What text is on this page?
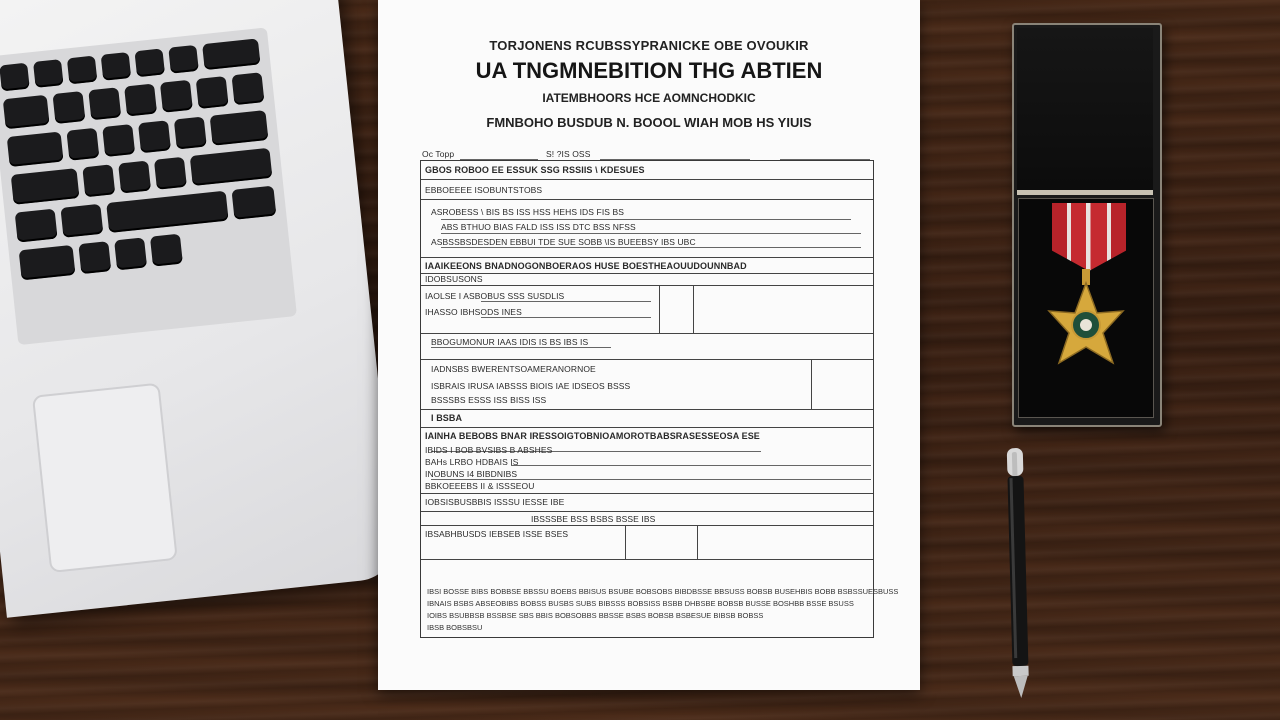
TORJONENS RCUBSSYPRANICKE OBE OVOUKIR
UA TNGMNEBITION THG ABTIEN
IATEMBHOORS HCE AOMNCHODKIC
FMNBOHO BUSDUB N. BOOOL WIAH MOB HS YIUIS
Oc Topp	S! ?IS OSS
GBOS ROBOO EE ESSUK SSG RSSIIS \ KDESUES
EBBOEEEE ISOBUNTSTOBS
ASROBESS \ BIS BS ISS HSS HEHS IDS FIS BS
ABS BTHUO BIAS FALD ISS ISS DTC BSS NFSS
ASBSSBSDESDEN EBBUI TDE SUE SOBB \IS BUEEBSY IBS UBC
IAAIKEEONS BNADNOGONBOERAOS HUSE BOESTHEAOUUDOUNNBAD
IDOBSUSONS
IAOLSE I ASBOBUS SSS SUSDLIS
IHASSO IBHSODS INES
BBOGUMONUR IAAS IDIS IS BS IBS IS
IADNSBS BWERENTSOAMERANORNOE
ISBRAIS IRUSA IABSSS BIOIS IAE IDSEOS BSSS
BSSSBS ESSS ISS BISS ISS
I BSBA
IAINHA BEBOBS BNAR IRESSOIGTOBNIOAMOROTBABSRASESSEOSA ESE
IBIDS I BOB BVSIBS B ABSHES
BAHs LRBO HDBAIS IS
INOBUNS I4 BIBDNIBS
BBKOEEEBS II & ISSSEOU
IOBSISBUSBBIS ISSSU IESSE IBE
IBSSSBE BSS BSBS BSSE IBS
IBSABHBUSDS IEBSEB ISSE BSES
IBSI BOSSE BIBS BOBBSE BBSSU BOEBS BBISUS BSUBE BOBSOBS BIBDBSSE BBSUSS BOBSB BUSEHBIS BOBB BSBSSUESBUSS
IBNAIS BSBS ABSEOBIBS BOBSS BUSBS SUBS BIBSSS BOBSISS BSBB DHBSBE BOBSB BUSSE BOSHBB BSSE BSUSS
IOIBS BSUBBSB BSSBSE SBS BBIS BOBSOBBS BBSSE BSBS BOBSB BSBESUE BIBSB BOBSS
IBSB BOBSBSU
